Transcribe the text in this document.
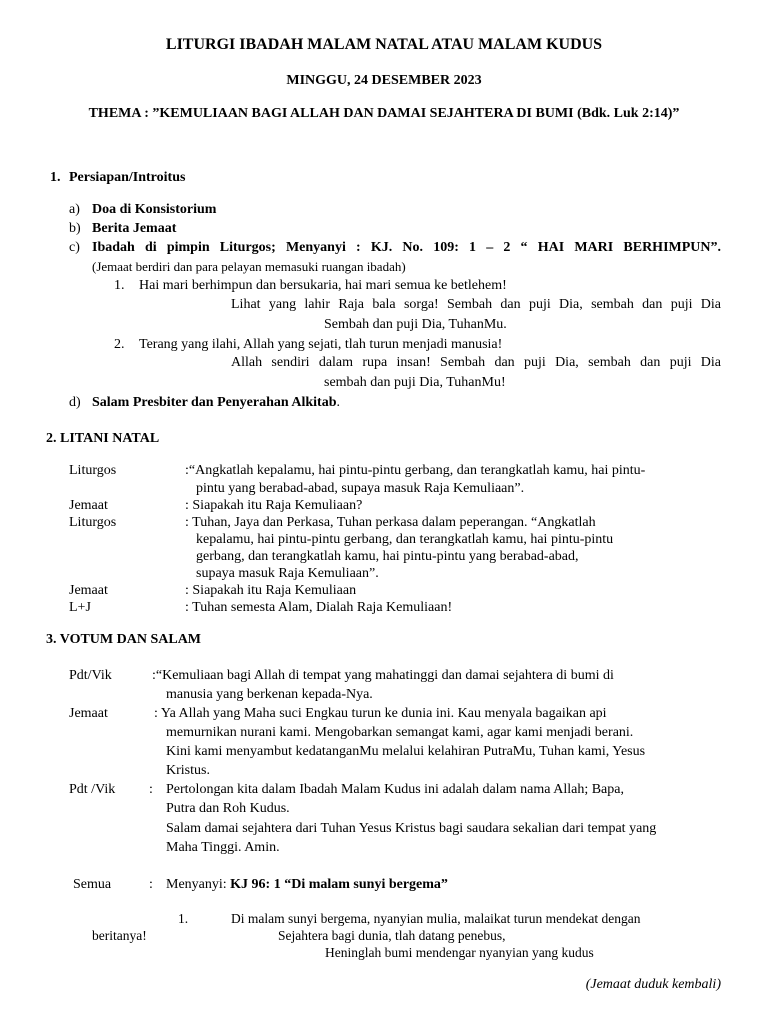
LITURGI IBADAH MALAM NATAL ATAU MALAM KUDUS
MINGGU, 24 DESEMBER 2023
THEMA : ”KEMULIAAN BAGI ALLAH DAN DAMAI SEJAHTERA DI BUMI (Bdk. Luk 2:14)”
1. Persiapan/Introitus
a) Doa di Konsistorium
b) Berita Jemaat
c) Ibadah di pimpin Liturgos; Menyanyi : KJ. No. 109: 1 – 2 “ HAI MARI BERHIMPUN”.
(Jemaat berdiri dan para pelayan memasuki ruangan ibadah)
1. Hai mari berhimpun dan bersukaria, hai mari semua ke betlehem!
Lihat yang lahir Raja bala sorga! Sembah dan puji Dia, sembah dan puji Dia
Sembah dan puji Dia, TuhanMu.
2. Terang yang ilahi, Allah yang sejati, tlah turun menjadi manusia!
Allah sendiri dalam rupa insan! Sembah dan puji Dia, sembah dan puji Dia
sembah dan puji Dia, TuhanMu!
d) Salam Presbiter dan Penyerahan Alkitab.
2. LITANI NATAL
Liturgos	:“Angkatlah kepalamu, hai pintu-pintu gerbang, dan terangkatlah kamu, hai pintu-
pintu yang berabad-abad, supaya masuk Raja Kemuliaan”.
Jemaat	: Siapakah itu Raja Kemuliaan?
Liturgos	: Tuhan, Jaya dan Perkasa, Tuhan perkasa dalam peperangan. “Angkatlah
kepalamu, hai pintu-pintu gerbang, dan terangkatlah kamu, hai pintu-pintu
gerbang, dan terangkatlah kamu, hai pintu-pintu yang berabad-abad,
supaya masuk Raja Kemuliaan”.
Jemaat	: Siapakah itu Raja Kemuliaan
L+J	: Tuhan semesta Alam, Dialah Raja Kemuliaan!
3. VOTUM DAN SALAM
Pdt/Vik	:“Kemuliaan bagi Allah di tempat yang mahatinggi dan damai sejahtera di bumi di
manusia yang berkenan kepada-Nya.
Jemaat	: Ya Allah yang Maha suci Engkau turun ke dunia ini. Kau menyala bagaikan api
memurnikan nurani kami. Mengobarkan semangat kami, agar kami menjadi berani.
Kini kami menyambut kedatanganMu melalui kelahiran PutraMu, Tuhan kami, Yesus
Kristus.
Pdt /Vik : Pertolongan kita dalam Ibadah Malam Kudus ini adalah dalam nama Allah; Bapa,
Putra dan Roh Kudus.
Salam damai sejahtera dari Tuhan Yesus Kristus bagi saudara sekalian dari tempat yang
Maha Tinggi. Amin.
Semua	: Menyanyi: KJ 96: 1 “Di malam sunyi bergema”
1.	Di malam sunyi bergema, nyanyian mulia, malaikat turun mendekat dengan
beritanya!	Sejahtera bagi dunia, tlah datang penebus,
Heninglah bumi mendengar nyanyian yang kudus
(Jemaat duduk kembali)
